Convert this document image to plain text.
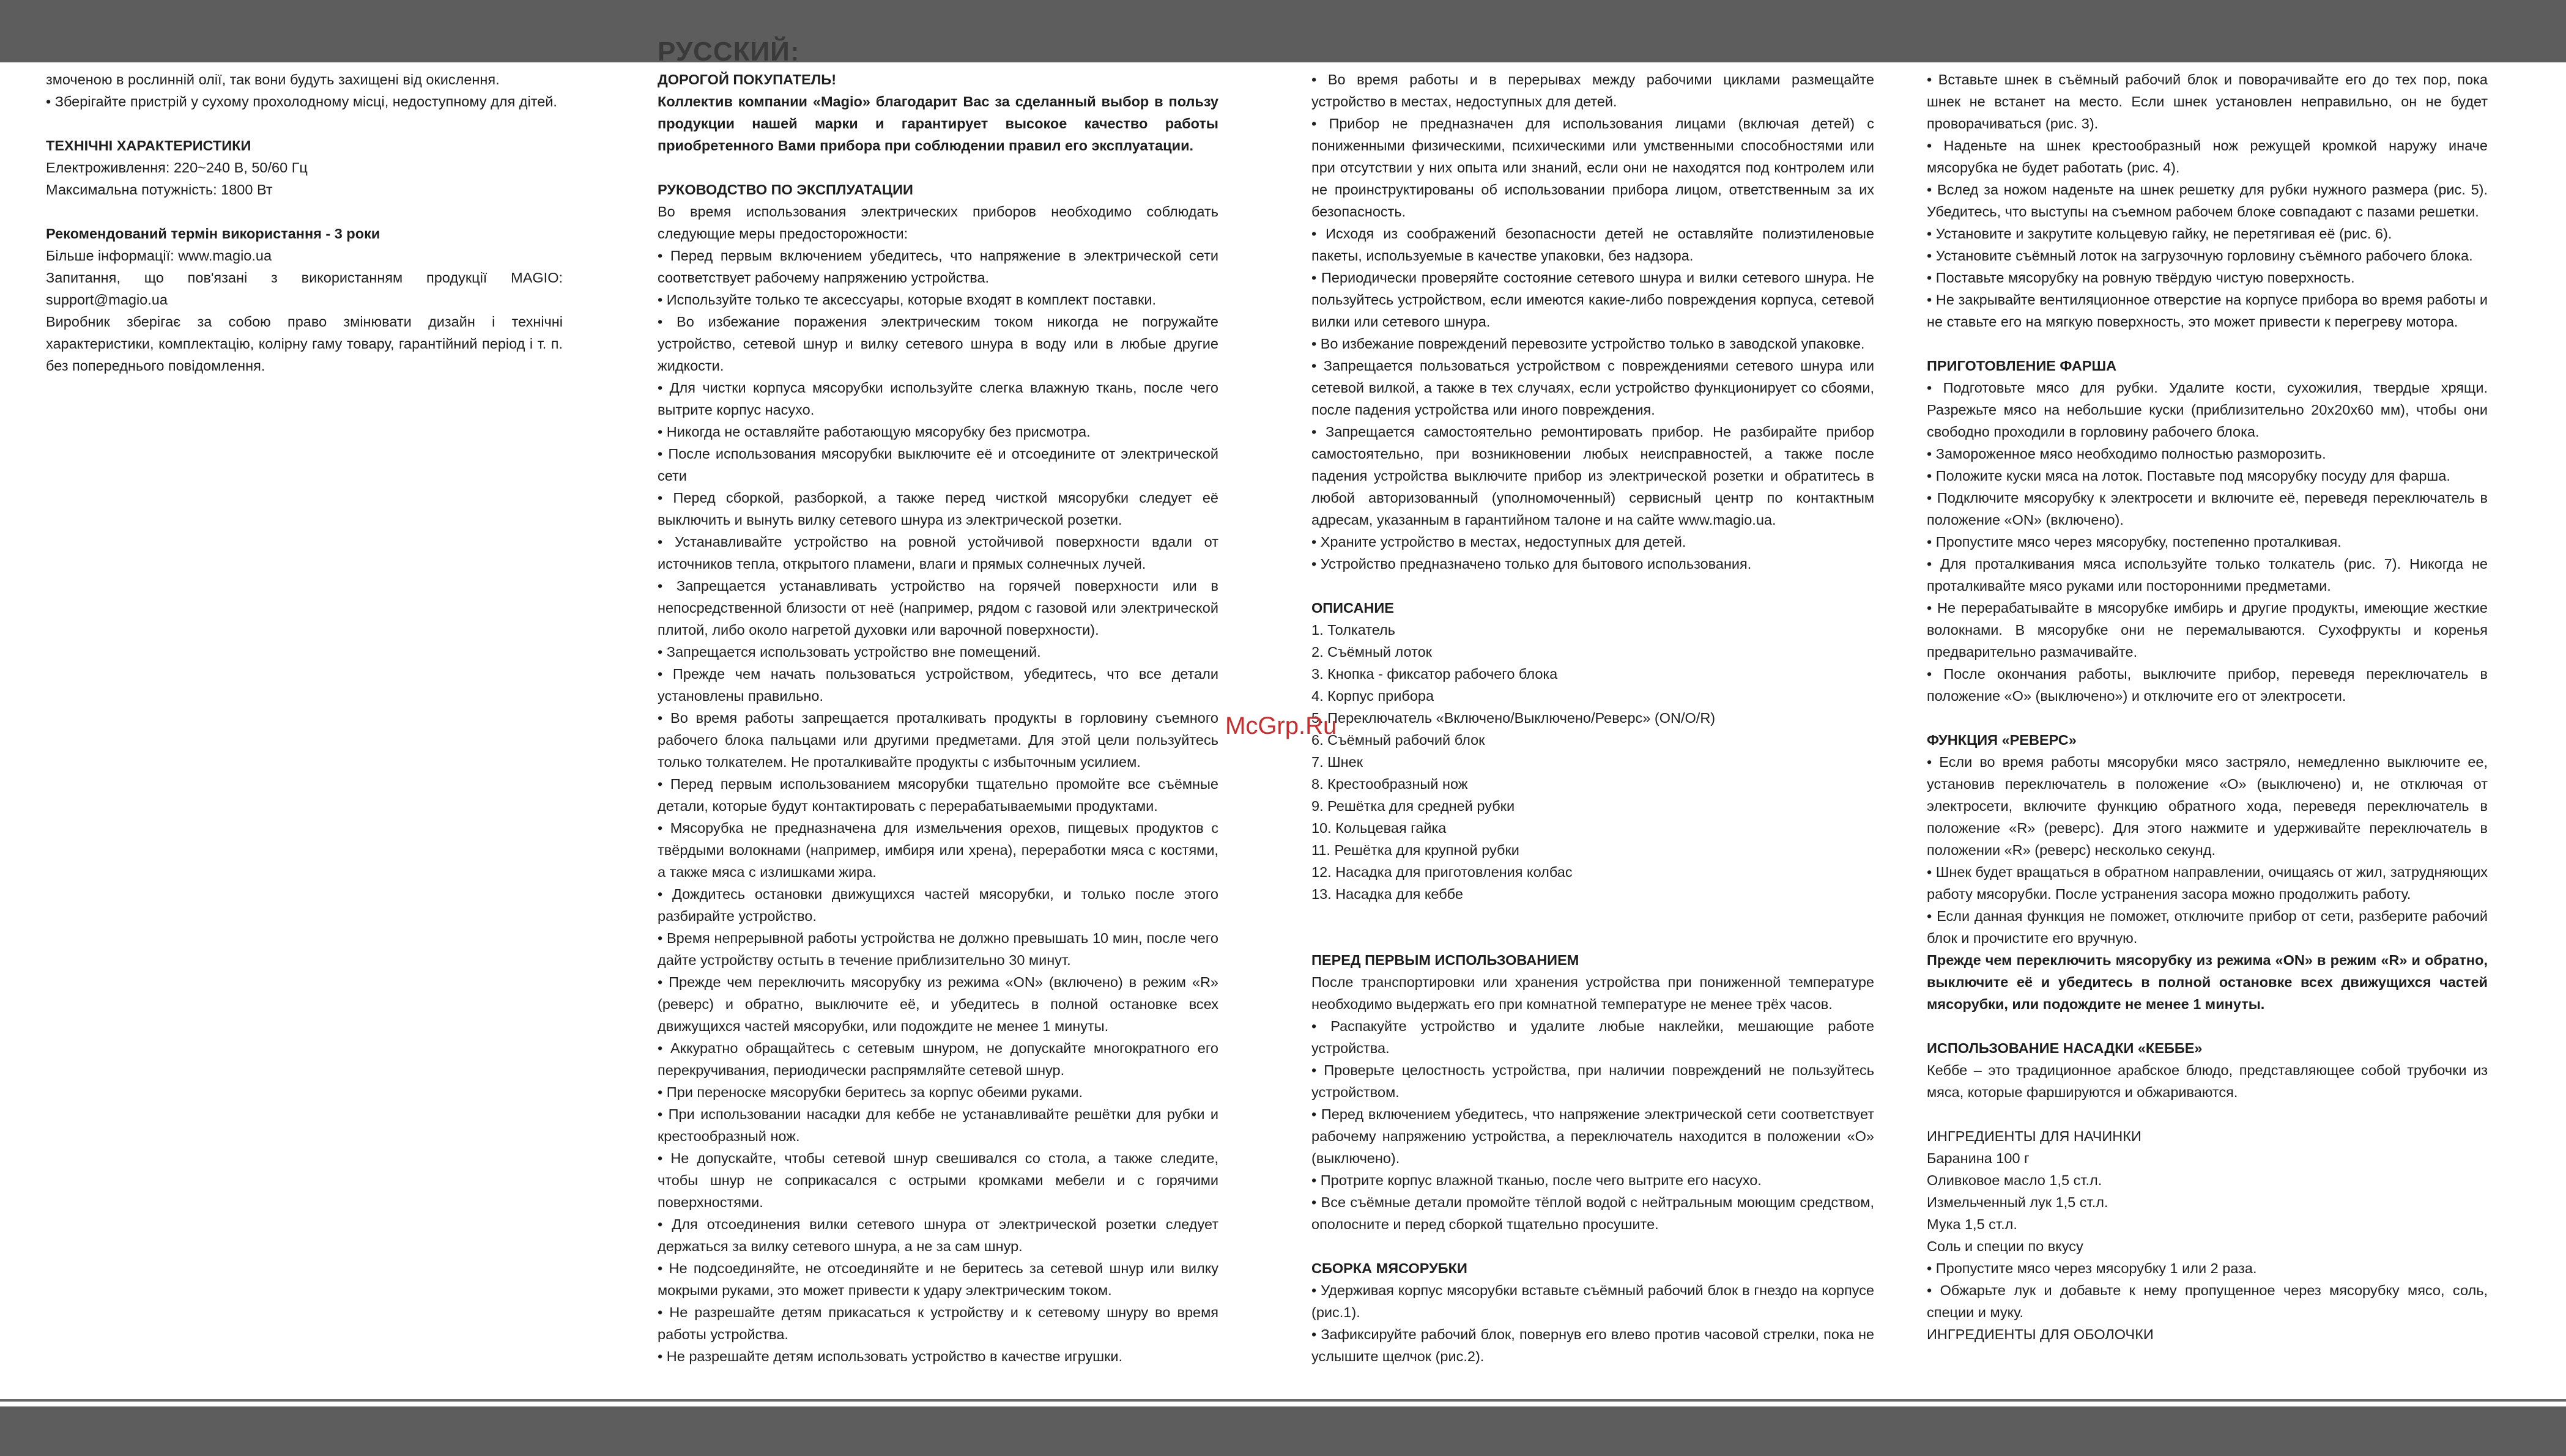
РУССКИЙ:

змоченою в рослинній олії, так вони будуть захищені від окислення.

• Зберігайте пристрій у сухому прохолодному місці, недоступному для дітей.

ТЕХНІЧНІ ХАРАКТЕРИСТИКИ

Електроживлення: 220~240 В, 50/60 Гц

Максимальна потужність: 1800 Вт

Рекомендований термін використання - 3 роки

Більше інформації: www.magio.ua

Запитання, що пов'язані з використанням продукції MAGIO: support@magio.ua

Виробник зберігає за собою право змінювати дизайн і технічні характеристики, комплектацію, колірну гаму товару, гарантійний період і т. п. без попереднього повідомлення.

ДОРОГОЙ ПОКУПАТЕЛЬ!

Коллектив компании «Magio» благодарит Вас за сделанный выбор в пользу продукции нашей марки и гарантирует высокое качество работы приобретенного Вами прибора при соблюдении правил его эксплуатации.

РУКОВОДСТВО ПО ЭКСПЛУАТАЦИИ

Во время использования электрических приборов необходимо соблюдать следующие меры предосторожности:

• Перед первым включением убедитесь, что напряжение в электрической сети соответствует рабочему напряжению устройства.

• Используйте только те аксессуары, которые входят в комплект поставки.

• Во избежание поражения электрическим током никогда не погружайте устройство, сетевой шнур и вилку сетевого шнура в воду или в любые другие жидкости.

• Для чистки корпуса мясорубки используйте слегка влажную ткань, после чего вытрите корпус насухо.

• Никогда не оставляйте работающую мясорубку без присмотра.

• После использования мясорубки выключите её и отсоедините от электрической сети

• Перед сборкой, разборкой, а также перед чисткой мясорубки следует её выключить и вынуть вилку сетевого шнура из электрической розетки.

• Устанавливайте устройство на ровной устойчивой поверхности вдали от источников тепла, открытого пламени, влаги и прямых солнечных лучей.

• Запрещается устанавливать устройство на горячей поверхности или в непосредственной близости от неё (например, рядом с газовой или электрической плитой, либо около нагретой духовки или варочной поверхности).

• Запрещается использовать устройство вне помещений.

• Прежде чем начать пользоваться устройством, убедитесь, что все детали установлены правильно.

• Во время работы запрещается проталкивать продукты в горловину съемного рабочего блока пальцами или другими предметами. Для этой цели пользуйтесь только толкателем. Не проталкивайте продукты с избыточным усилием.

• Перед первым использованием мясорубки тщательно промойте все съёмные детали, которые будут контактировать с перерабатываемыми продуктами.

• Мясорубка не предназначена для измельчения орехов, пищевых продуктов с твёрдыми волокнами (например, имбиря или хрена), переработки мяса с костями, а также мяса с излишками жира.

• Дождитесь остановки движущихся частей мясорубки, и только после этого разбирайте устройство.

• Время непрерывной работы устройства не должно превышать 10 мин, после чего дайте устройству остыть в течение приблизительно 30 минут.

• Прежде чем переключить мясорубку из режима «ON» (включено) в режим «R» (реверс) и обратно, выключите её, и убедитесь в полной остановке всех движущихся частей мясорубки, или подождите не менее 1 минуты.

• Аккуратно обращайтесь с сетевым шнуром, не допускайте многократного его перекручивания, периодически распрямляйте сетевой шнур.

• При переноске мясорубки беритесь за корпус обеими руками.

• При использовании насадки для кеббе не устанавливайте решётки для рубки и крестообразный нож.

• Не допускайте, чтобы сетевой шнур свешивался со стола, а также следите, чтобы шнур не соприкасался с острыми кромками мебели и с горячими поверхностями.

• Для отсоединения вилки сетевого шнура от электрической розетки следует держаться за вилку сетевого шнура, а не за сам шнур.

• Не подсоединяйте, не отсоединяйте и не беритесь за сетевой шнур или вилку мокрыми руками, это может привести к удару электрическим током.

• Не разрешайте детям прикасаться к устройству и к сетевому шнуру во время работы устройства.

• Не разрешайте детям использовать устройство в качестве игрушки.

• Во время работы и в перерывах между рабочими циклами размещайте устройство в местах, недоступных для детей.

• Прибор не предназначен для использования лицами (включая детей) с пониженными физическими, психическими или умственными способностями или при отсутствии у них опыта или знаний, если они не находятся под контролем или не проинструктированы об использовании прибора лицом, ответственным за их безопасность.

• Исходя из соображений безопасности детей не оставляйте полиэтиленовые пакеты, используемые в качестве упаковки, без надзора.

• Периодически проверяйте состояние сетевого шнура и вилки сетевого шнура. Не пользуйтесь устройством, если имеются какие-либо повреждения корпуса, сетевой вилки или сетевого шнура.

• Во избежание повреждений перевозите устройство только в заводской упаковке.

• Запрещается пользоваться устройством с повреждениями сетевого шнура или сетевой вилкой, а также в тех случаях, если устройство функционирует со сбоями, после падения устройства или иного повреждения.

• Запрещается самостоятельно ремонтировать прибор. Не разбирайте прибор самостоятельно, при возникновении любых неисправностей, а также после падения устройства выключите прибор из электрической розетки и обратитесь в любой авторизованный (уполномоченный) сервисный центр по контактным адресам, указанным в гарантийном талоне и на сайте www.magio.ua.

• Храните устройство в местах, недоступных для детей.

• Устройство предназначено только для бытового использования.

ОПИСАНИЕ

1. Толкатель

2. Съёмный лоток

3. Кнопка - фиксатор рабочего блока

4. Корпус прибора

5. Переключатель «Включено/Выключено/Реверс» (ON/O/R)

6. Съёмный рабочий блок

7. Шнек

8. Крестообразный нож

9. Решётка для средней рубки

10. Кольцевая гайка

11. Решётка для крупной рубки

12. Насадка для приготовления колбас

13. Насадка для кеббе

ПЕРЕД ПЕРВЫМ ИСПОЛЬЗОВАНИЕМ

После транспортировки или хранения устройства при пониженной температуре необходимо выдержать его при комнатной температуре не менее трёх часов.

• Распакуйте устройство и удалите любые наклейки, мешающие работе устройства.

• Проверьте целостность устройства, при наличии повреждений не пользуйтесь устройством.

• Перед включением убедитесь, что напряжение электрической сети соответствует рабочему напряжению устройства, а переключатель находится в положении «О» (выключено).

• Протрите корпус влажной тканью, после чего вытрите его насухо.

• Все съёмные детали промойте тёплой водой с нейтральным моющим средством, ополосните и перед сборкой тщательно просушите.

СБОРКА МЯСОРУБКИ

• Удерживая корпус мясорубки вставьте съёмный рабочий блок в гнездо на корпусе (рис.1).

• Зафиксируйте рабочий блок, повернув его влево против часовой стрелки, пока не услышите щелчок (рис.2).

• Вставьте шнек в съёмный рабочий блок и поворачивайте его до тех пор, пока шнек не встанет на место. Если шнек установлен неправильно, он не будет проворачиваться (рис. 3).

• Наденьте на шнек крестообразный нож режущей кромкой наружу иначе мясорубка не будет работать (рис. 4).

• Вслед за ножом наденьте на шнек решетку для рубки нужного размера (рис. 5). Убедитесь, что выступы на съемном рабочем блоке совпадают с пазами решетки.

• Установите и закрутите кольцевую гайку, не перетягивая её (рис. 6).

• Установите съёмный лоток на загрузочную горловину съёмного рабочего блока.

• Поставьте мясорубку на ровную твёрдую чистую поверхность.

• Не закрывайте вентиляционное отверстие на корпусе прибора во время работы и не ставьте его на мягкую поверхность, это может привести к перегреву мотора.

ПРИГОТОВЛЕНИЕ ФАРША

• Подготовьте мясо для рубки. Удалите кости, сухожилия, твердые хрящи. Разрежьте мясо на небольшие куски (приблизительно 20х20х60 мм), чтобы они свободно проходили в горловину рабочего блока.

• Замороженное мясо необходимо полностью разморозить.

• Положите куски мяса на лоток. Поставьте под мясорубку посуду для фарша.

• Подключите мясорубку к электросети и включите её, переведя переключатель в положение «ON» (включено).

• Пропустите мясо через мясорубку, постепенно проталкивая.

• Для проталкивания мяса используйте только толкатель (рис. 7). Никогда не проталкивайте мясо руками или посторонними предметами.

• Не перерабатывайте в мясорубке имбирь и другие продукты, имеющие жесткие волокнами. В мясорубке они не перемалываются. Сухофрукты и коренья предварительно размачивайте.

• После окончания работы, выключите прибор, переведя переключатель в положение «О» (выключено») и отключите его от электросети.

ФУНКЦИЯ «РЕВЕРС»

• Если во время работы мясорубки мясо застряло, немедленно выключите ее, установив переключатель в положение «О» (выключено) и, не отключая от электросети, включите функцию обратного хода, переведя переключатель в положение «R» (реверс). Для этого нажмите и удерживайте переключатель в положении «R» (реверс) несколько секунд.

• Шнек будет вращаться в обратном направлении, очищаясь от жил, затрудняющих работу мясорубки. После устранения засора можно продолжить работу.

• Если данная функция не поможет, отключите прибор от сети, разберите рабочий блок и прочистите его вручную.

Прежде чем переключить мясорубку из режима «ON» в режим «R» и обратно, выключите её и убедитесь в полной остановке всех движущихся частей мясорубки, или подождите не менее 1 минуты.

ИСПОЛЬЗОВАНИЕ НАСАДКИ «КЕББЕ»

Кеббе – это традиционное арабское блюдо, представляющее собой трубочки из мяса, которые фаршируются и обжариваются.

ИНГРЕДИЕНТЫ ДЛЯ НАЧИНКИ

Баранина 100 г

Оливковое масло 1,5 ст.л.

Измельченный лук 1,5 ст.л.

Мука 1,5 ст.л.

Соль и специи по вкусу

• Пропустите мясо через мясорубку 1 или 2 раза.

• Обжарьте лук и добавьте к нему пропущенное через мясорубку мясо, соль, специи и муку.

ИНГРЕДИЕНТЫ ДЛЯ ОБОЛОЧКИ

McGrp.Ru
